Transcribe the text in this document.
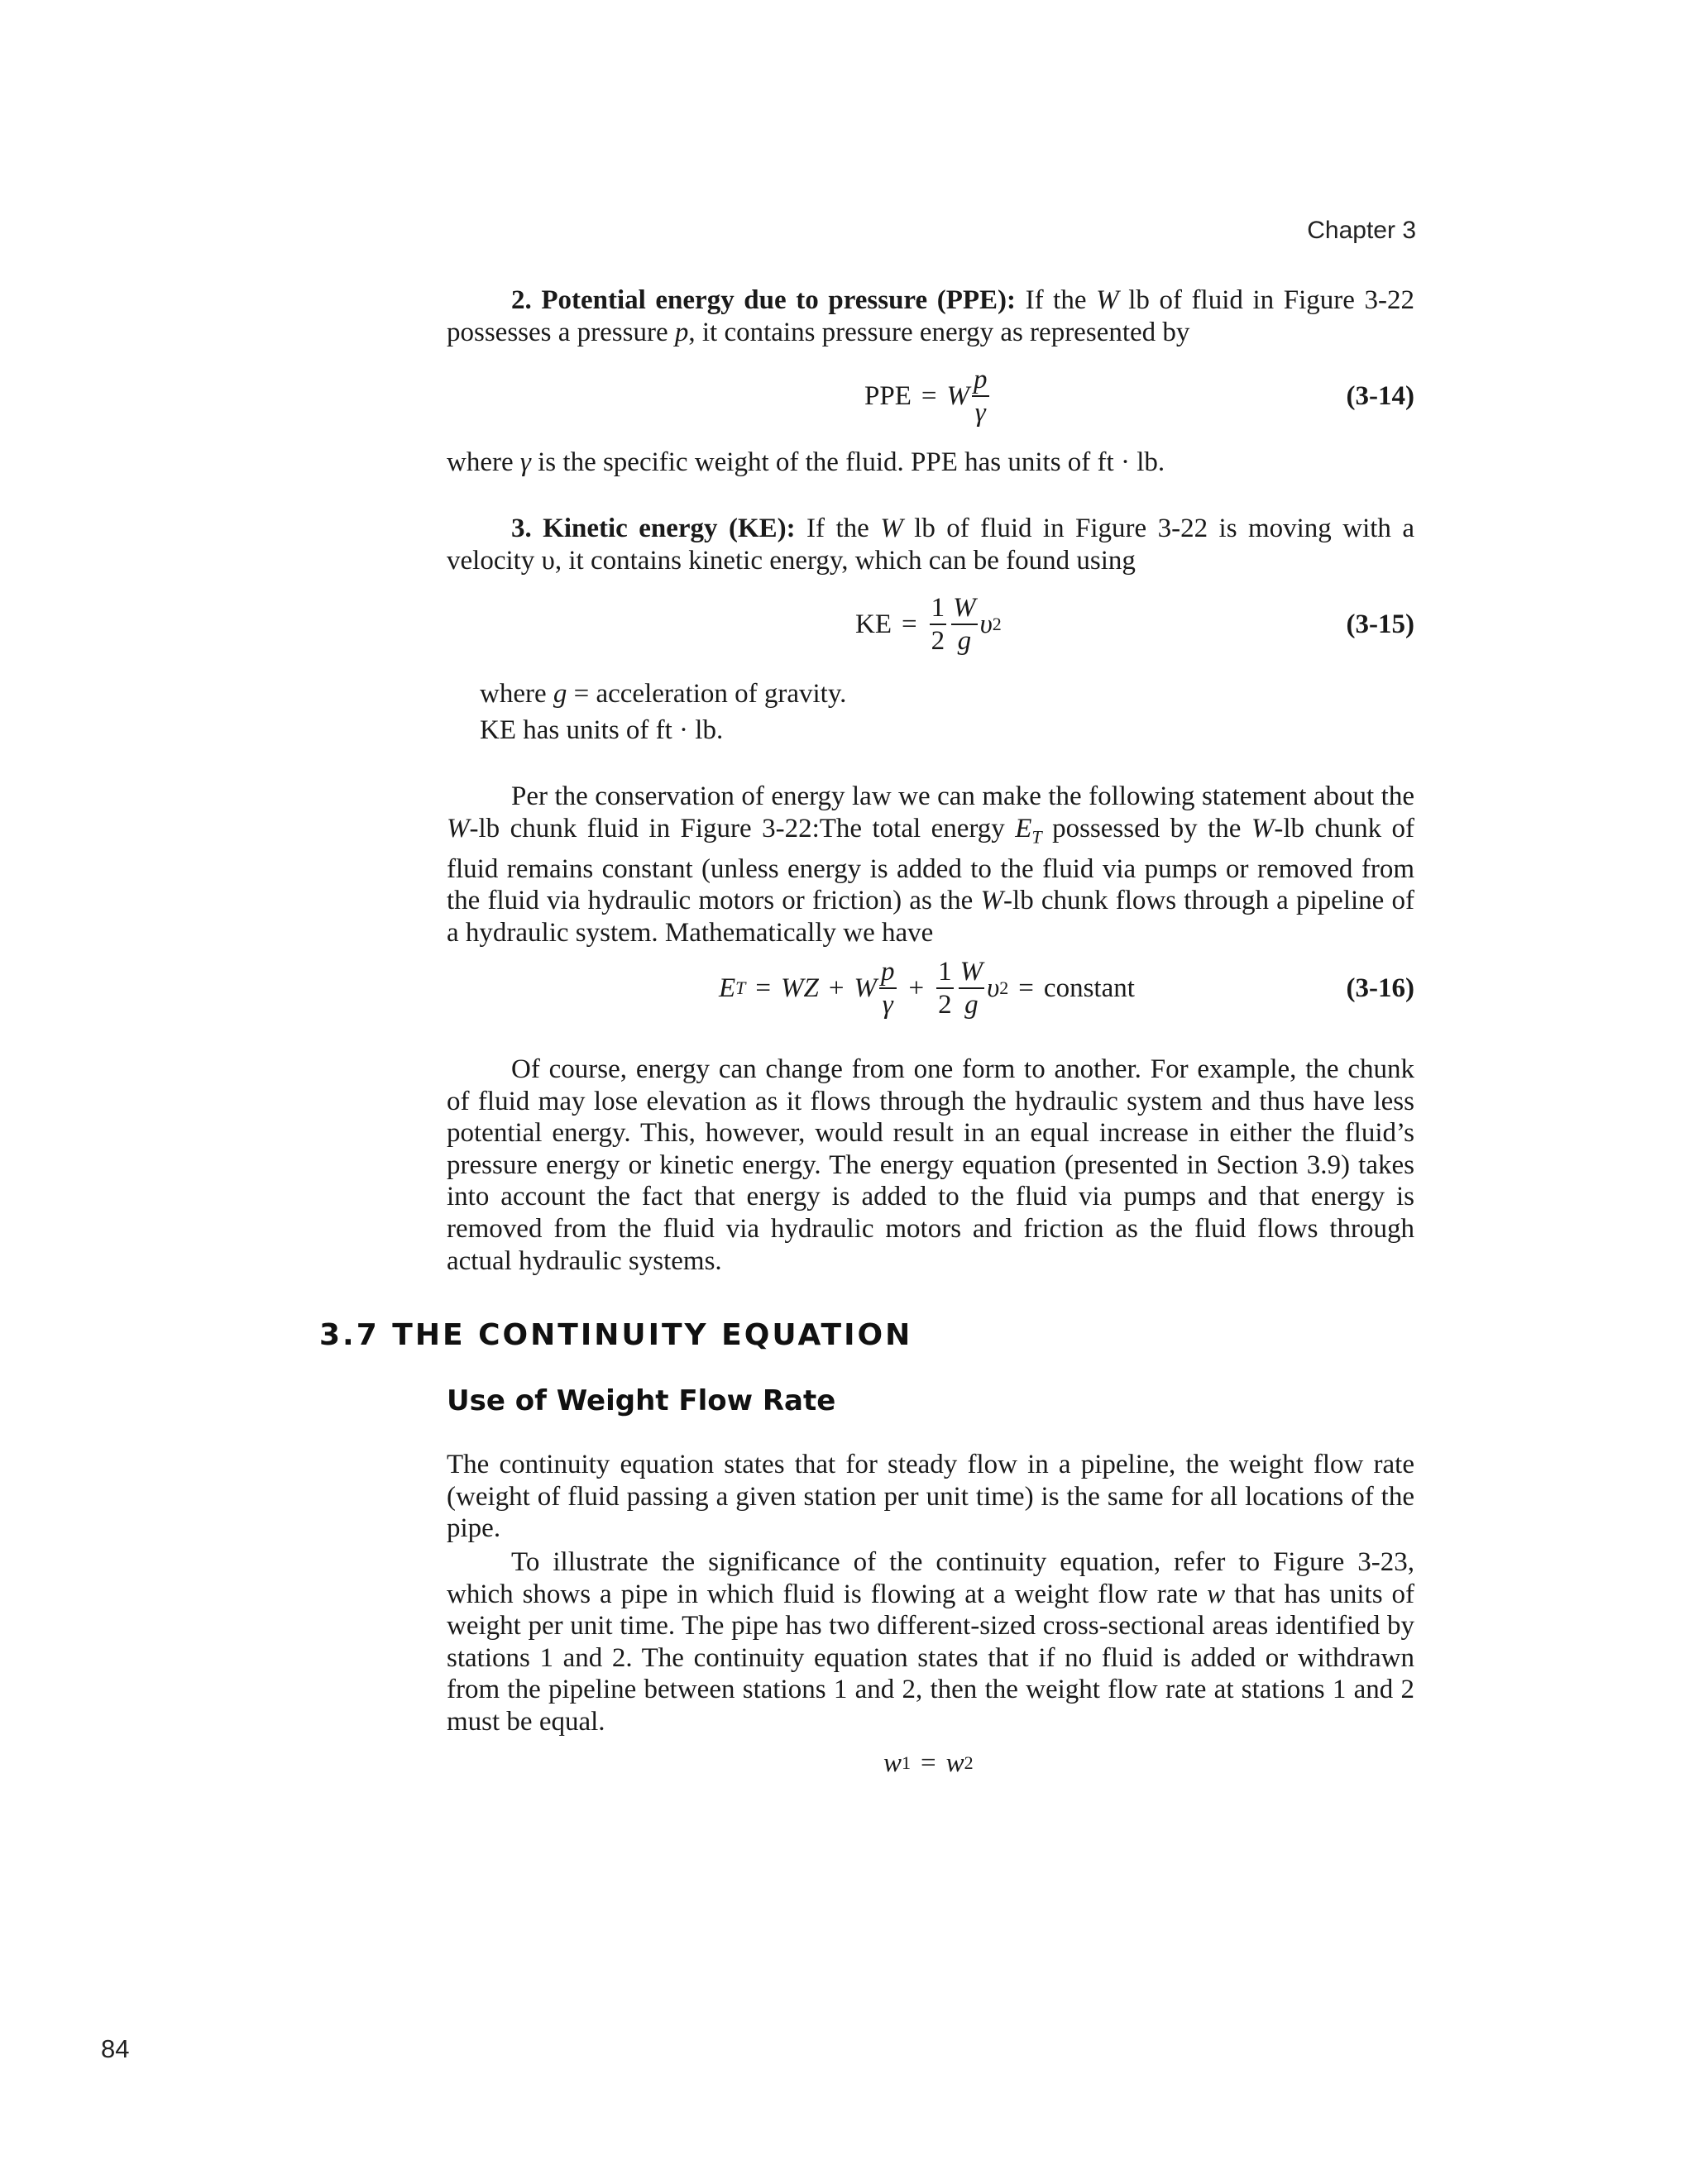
Chapter 3

2. Potential energy due to pressure (PPE): If the W lb of fluid in Figure 3-22 possesses a pressure p, it contains pressure energy as represented by

PPE = W $\frac{p}{\gamma}$	(3-14)

where γ is the specific weight of the fluid. PPE has units of ft · lb.

3. Kinetic energy (KE): If the W lb of fluid in Figure 3-22 is moving with a velocity υ, it contains kinetic energy, which can be found using

KE = $\frac{1}{2} \frac{W}{g}$ υ 2	(3-15)

where g = acceleration of gravity.

KE has units of ft · lb.

Per the conservation of energy law we can make the following statement about the W-lb chunk fluid in Figure 3-22:The total energy $E_T$ possessed by the W-lb chunk of fluid remains constant (unless energy is added to the fluid via pumps or removed from the fluid via hydraulic motors or friction) as the W-lb chunk flows through a pipeline of a hydraulic system. Mathematically we have

E T = WZ + W $\frac{p}{\gamma} + \frac{1}{2} \frac{W}{g}$ υ 2 = constant	(3-16)

Of course, energy can change from one form to another. For example, the chunk of fluid may lose elevation as it flows through the hydraulic system and thus have less potential energy. This, however, would result in an equal increase in either the fluid’s pressure energy or kinetic energy. The energy equation (presented in Section 3.9) takes into account the fact that energy is added to the fluid via pumps and that energy is removed from the fluid via hydraulic motors and friction as the fluid flows through actual hydraulic systems.

3.7 THE CONTINUITY EQUATION
Use of Weight Flow Rate

The continuity equation states that for steady flow in a pipeline, the weight flow rate (weight of fluid passing a given station per unit time) is the same for all locations of the pipe.

To illustrate the significance of the continuity equation, refer to Figure 3-23, which shows a pipe in which fluid is flowing at a weight flow rate w that has units of weight per unit time. The pipe has two different-sized cross-sectional areas identified by stations 1 and 2. The continuity equation states that if no fluid is added or withdrawn from the pipeline between stations 1 and 2, then the weight flow rate at stations 1 and 2 must be equal.

w 1 = w 2
84
